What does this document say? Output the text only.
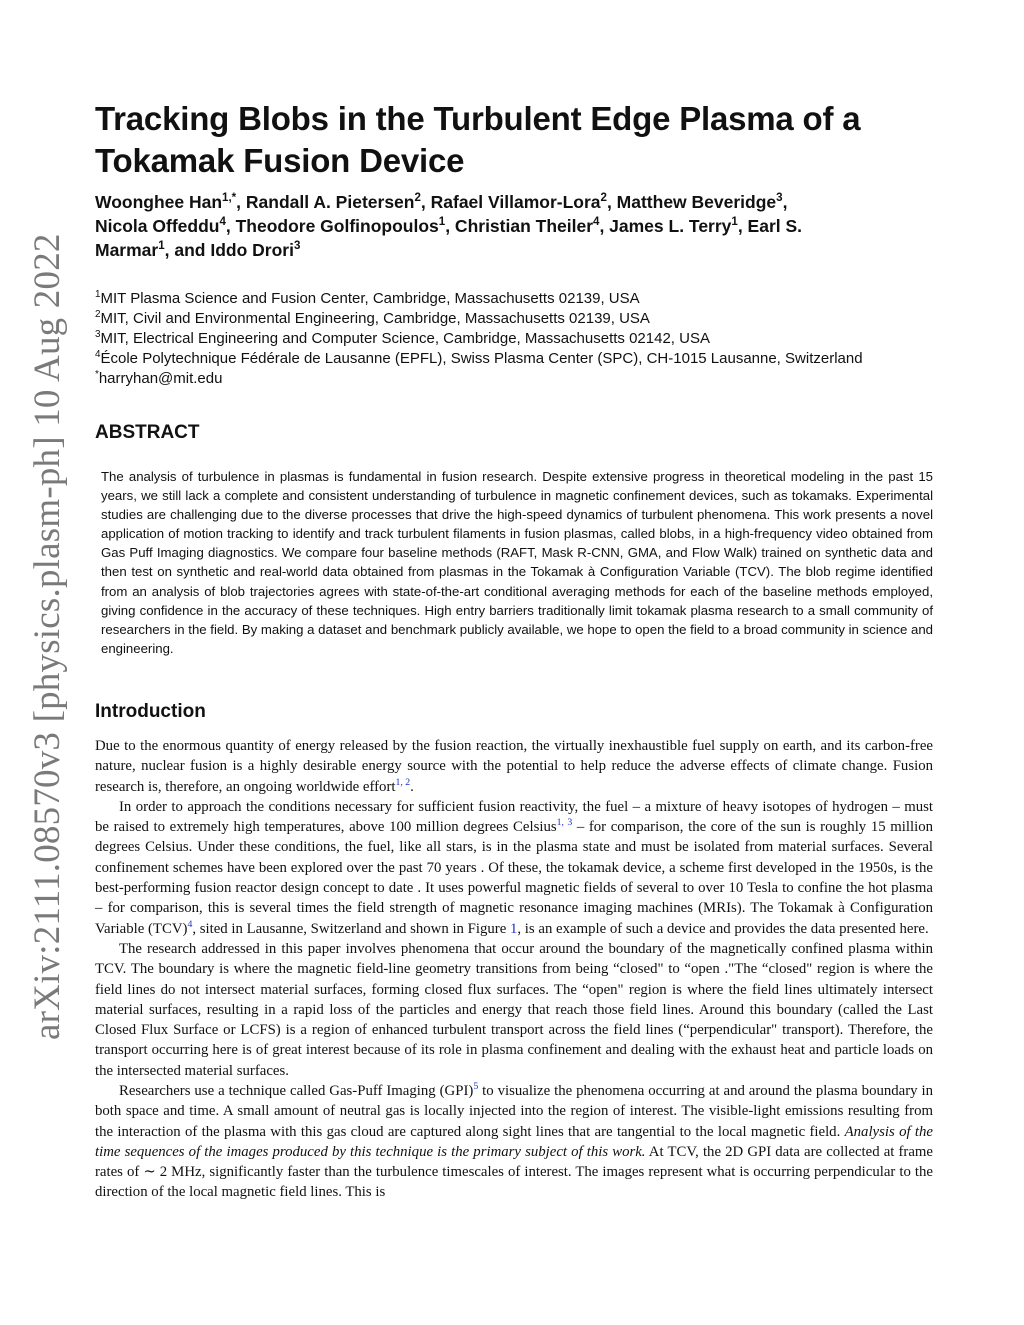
arXiv:2111.08570v3 [physics.plasm-ph] 10 Aug 2022
Tracking Blobs in the Turbulent Edge Plasma of a
Tokamak Fusion Device
Woonghee Han$^{1,*}$, Randall A. Pietersen$^2$, Rafael Villamor-Lora$^2$, Matthew Beveridge$^3$,
Nicola Offeddu$^4$, Theodore Golfinopoulos$^1$, Christian Theiler$^4$, James L. Terry$^1$, Earl S.
Marmar$^1$, and Iddo Drori$^3$
$^1$MIT Plasma Science and Fusion Center, Cambridge, Massachusetts 02139, USA
$^2$MIT, Civil and Environmental Engineering, Cambridge, Massachusetts 02139, USA
$^3$MIT, Electrical Engineering and Computer Science, Cambridge, Massachusetts 02142, USA
$^4$École Polytechnique Fédérale de Lausanne (EPFL), Swiss Plasma Center (SPC), CH-1015 Lausanne, Switzerland
*harryhan@mit.edu
ABSTRACT
The analysis of turbulence in plasmas is fundamental in fusion research. Despite extensive progress in theoretical modeling in the past 15 years, we still lack a complete and consistent understanding of turbulence in magnetic confinement devices, such as tokamaks. Experimental studies are challenging due to the diverse processes that drive the high-speed dynamics of turbulent phenomena. This work presents a novel application of motion tracking to identify and track turbulent filaments in fusion plasmas, called blobs, in a high-frequency video obtained from Gas Puff Imaging diagnostics. We compare four baseline methods (RAFT, Mask R-CNN, GMA, and Flow Walk) trained on synthetic data and then test on synthetic and real-world data obtained from plasmas in the Tokamak à Configuration Variable (TCV). The blob regime identified from an analysis of blob trajectories agrees with state-of-the-art conditional averaging methods for each of the baseline methods employed, giving confidence in the accuracy of these techniques. High entry barriers traditionally limit tokamak plasma research to a small community of researchers in the field. By making a dataset and benchmark publicly available, we hope to open the field to a broad community in science and engineering.
Introduction

Due to the enormous quantity of energy released by the fusion reaction, the virtually inexhaustible fuel supply on earth, and its carbon-free nature, nuclear fusion is a highly desirable energy source with the potential to help reduce the adverse effects of climate change. Fusion research is, therefore, an ongoing worldwide effort$^{1, 2}$.

In order to approach the conditions necessary for sufficient fusion reactivity, the fuel – a mixture of heavy isotopes of hydrogen – must be raised to extremely high temperatures, above 100 million degrees Celsius$^{1, 3}$ – for comparison, the core of the sun is roughly 15 million degrees Celsius. Under these conditions, the fuel, like all stars, is in the plasma state and must be isolated from material surfaces. Several confinement schemes have been explored over the past 70 years . Of these, the tokamak device, a scheme first developed in the 1950s, is the best-performing fusion reactor design concept to date . It uses powerful magnetic fields of several to over 10 Tesla to confine the hot plasma – for comparison, this is several times the field strength of magnetic resonance imaging machines (MRIs). The Tokamak à Configuration Variable (TCV)$^4$, sited in Lausanne, Switzerland and shown in Figure 1, is an example of such a device and provides the data presented here.

The research addressed in this paper involves phenomena that occur around the boundary of the magnetically confined plasma within TCV. The boundary is where the magnetic field-line geometry transitions from being “closed" to “open ."The “closed" region is where the field lines do not intersect material surfaces, forming closed flux surfaces. The “open" region is where the field lines ultimately intersect material surfaces, resulting in a rapid loss of the particles and energy that reach those field lines. Around this boundary (called the Last Closed Flux Surface or LCFS) is a region of enhanced turbulent transport across the field lines (“perpendicular" transport). Therefore, the transport occurring here is of great interest because of its role in plasma confinement and dealing with the exhaust heat and particle loads on the intersected material surfaces.

Researchers use a technique called Gas-Puff Imaging (GPI)$^5$ to visualize the phenomena occurring at and around the plasma boundary in both space and time. A small amount of neutral gas is locally injected into the region of interest. The visible-light emissions resulting from the interaction of the plasma with this gas cloud are captured along sight lines that are tangential to the local magnetic field. Analysis of the time sequences of the images produced by this technique is the primary subject of this work. At TCV, the 2D GPI data are collected at frame rates of ∼ 2 MHz, significantly faster than the turbulence timescales of interest. The images represent what is occurring perpendicular to the direction of the local magnetic field lines. This is
